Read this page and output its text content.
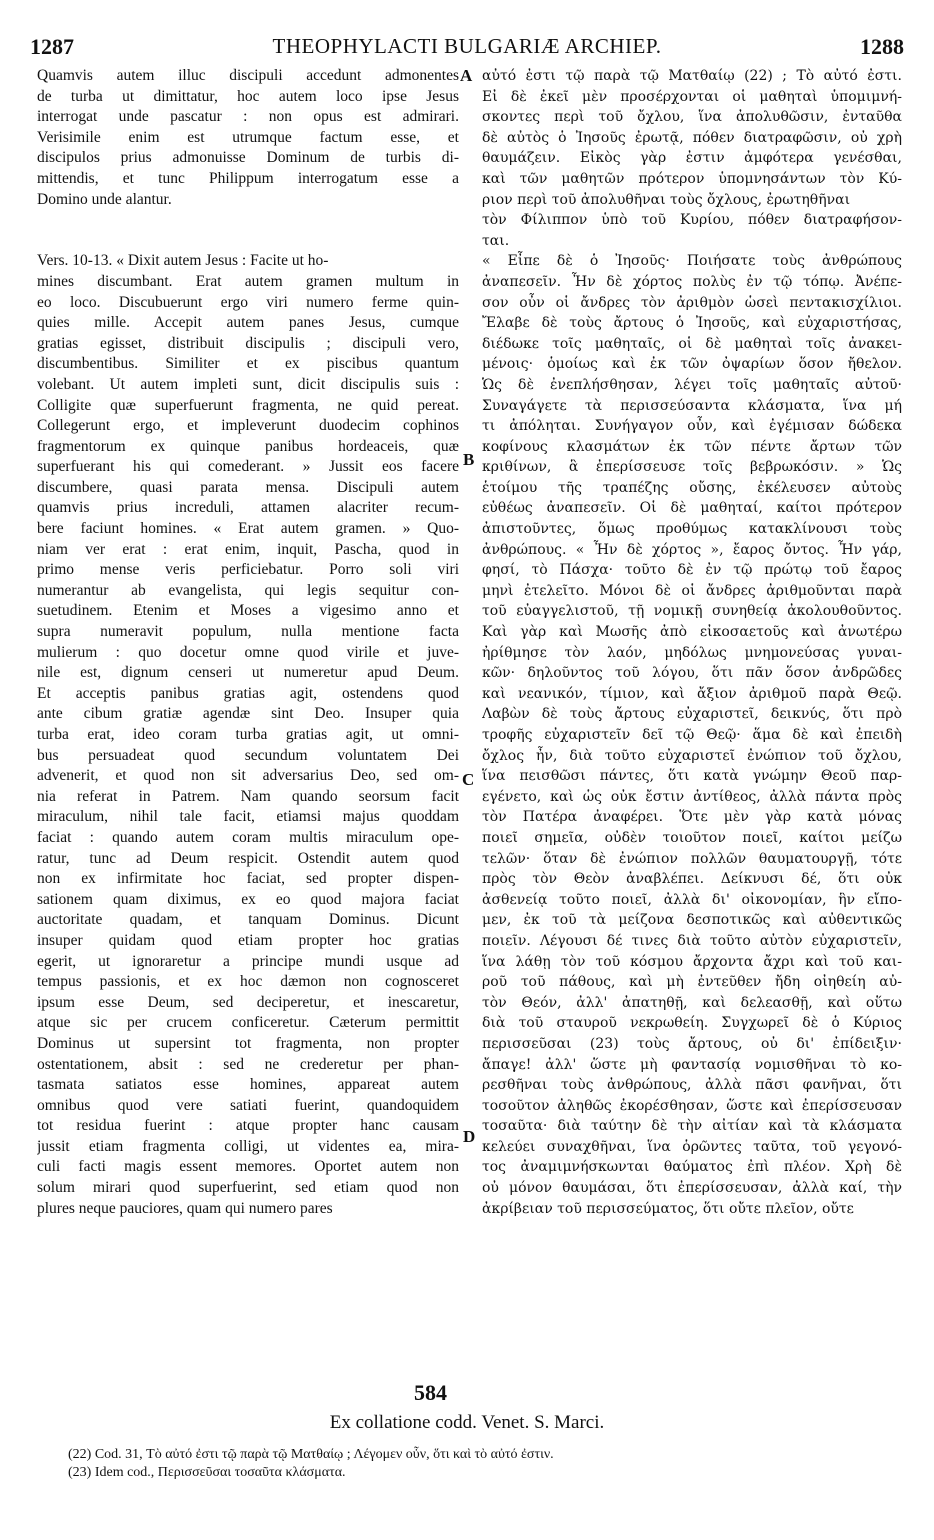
1287	THEOPHYLACTI BULGARIÆ ARCHIEP.	1288
Quamvis autem illuc discipuli accedunt admonentes
de turba ut dimittatur, hoc autem loco ipse Jesus
interrogat unde pascatur : non opus est admirari.
Verisimile enim est utrumque factum esse, et
discipulos prius admonuisse Dominum de turbis di-
mittendis, et tunc Philippum interrogatum esse a
Domino unde alantur.
Vers. 10-13. « Dixit autem Jesus : Facite ut ho-
mines discumbant. Erat autem gramen multum in
eo loco. Discubuerunt ergo viri numero ferme quin-
quies mille. Accepit autem panes Jesus, cumque
gratias egisset, distribuit discipulis ; discipuli vero,
discumbentibus. Similiter et ex piscibus quantum
volebant. Ut autem impleti sunt, dicit discipulis suis :
Colligite quæ superfuerunt fragmenta, ne quid pereat.
Collegerunt ergo, et impleverunt duodecim cophinos
fragmentorum ex quinque panibus hordeaceis, quæ
superfuerant his qui comederant. » Jussit eos facere
discumbere, quasi parata mensa. Discipuli autem
quamvis prius increduli, attamen alacriter recum-
bere faciunt homines. « Erat autem gramen. » Quo-
niam ver erat : erat enim, inquit, Pascha, quod in
primo mense veris perficiebatur. Porro soli viri
numerantur ab evangelista, qui legis sequitur con-
suetudinem. Etenim et Moses a vigesimo anno et
supra numeravit populum, nulla mentione facta
mulierum : quo docetur omne quod virile et juve-
nile est, dignum censeri ut numeretur apud Deum.
Et acceptis panibus gratias agit, ostendens quod
ante cibum gratiæ agendæ sint Deo. Insuper quia
turba erat, ideo coram turba gratias agit, ut omni-
bus persuadeat quod secundum voluntatem Dei
advenerit, et quod non sit adversarius Deo, sed om-
nia referat in Patrem. Nam quando seorsum facit
miraculum, nihil tale facit, etiamsi majus quoddam
faciat : quando autem coram multis miraculum ope-
ratur, tunc ad Deum respicit. Ostendit autem quod
non ex infirmitate hoc faciat, sed propter dispen-
sationem quam diximus, ex eo quod majora faciat
auctoritate quadam, et tanquam Dominus. Dicunt
insuper quidam quod etiam propter hoc gratias
egerit, ut ignoraretur a principe mundi usque ad
tempus passionis, et ex hoc dæmon non cognosceret
ipsum esse Deum, sed deciperetur, et inescaretur,
atque sic per crucem conficeretur. Cæterum permittit
Dominus ut supersint tot fragmenta, non propter
ostentationem, absit : sed ne crederetur per phan-
tasmata satiatos esse homines, appareat autem
omnibus quod vere satiati fuerint, quandoquidem
tot residua fuerint : atque propter hanc causam
jussit etiam fragmenta colligi, ut videntes ea, mira-
culi facti magis essent memores. Oportet autem non
solum mirari quod superfuerint, sed etiam quod non
plures neque pauciores, quam qui numero pares
αὐτό ἐστι τῷ παρὰ τῷ Ματθαίῳ (22) ; Τὸ αὐτό ἐστι.
Εἰ δὲ ἐκεῖ μὲν προσέρχονται οἱ μαθηταὶ ὑπομιμνή-
σκοντες περὶ τοῦ ὄχλου, ἵνα ἀπολυθῶσιν, ἐνταῦθα
δὲ αὐτὸς ὁ Ἰησοῦς ἐρωτᾷ, πόθεν διατραφῶσιν, οὐ χρὴ
θαυμάζειν. Εἰκὸς γὰρ ἐστιν ἀμφότερα γενέσθαι,
καὶ τῶν μαθητῶν πρότερον ὑπομνησάντων τὸν Κύ-
ριον περὶ τοῦ ἀπολυθῆναι τοὺς ὄχλους, ἐρωτηθῆναι
τὸν Φίλιππον ὑπὸ τοῦ Κυρίου, πόθεν διατραφήσον-
ται.
« Εἶπε δὲ ὁ Ἰησοῦς· Ποιήσατε τοὺς ἀνθρώπους
ἀναπεσεῖν. Ἦν δὲ χόρτος πολὺς ἐν τῷ τόπῳ. Ἀνέπε-
σον οὖν οἱ ἄνδρες τὸν ἀριθμὸν ὡσεὶ πεντακισχίλιοι.
Ἔλαβε δὲ τοὺς ἄρτους ὁ Ἰησοῦς, καὶ εὐχαριστήσας,
διέδωκε τοῖς μαθηταῖς, οἱ δὲ μαθηταὶ τοῖς ἀνακει-
μένοις· ὁμοίως καὶ ἐκ τῶν ὀψαρίων ὅσον ἤθελον.
Ὡς δὲ ἐνεπλήσθησαν, λέγει τοῖς μαθηταῖς αὐτοῦ·
Συναγάγετε τὰ περισσεύσαντα κλάσματα, ἵνα μή
τι ἀπόληται. Συνήγαγον οὖν, καὶ ἐγέμισαν δώδεκα
κοφίνους κλασμάτων ἐκ τῶν πέντε ἄρτων τῶν
κριθίνων, ἃ ἐπερίσσευσε τοῖς βεβρωκόσιν. » Ὡς
ἑτοίμου τῆς τραπέζης οὔσης, ἐκέλευσεν αὐτοὺς
εὐθέως ἀναπεσεῖν. Οἱ δὲ μαθηταί, καίτοι πρότερον
ἀπιστοῦντες, ὅμως προθύμως κατακλίνουσι τοὺς
ἀνθρώπους. « Ἦν δὲ χόρτος », ἔαρος ὄντος. Ἦν γάρ,
φησί, τὸ Πάσχα· τοῦτο δὲ ἐν τῷ πρώτῳ τοῦ ἔαρος
μηνὶ ἐτελεῖτο. Μόνοι δὲ οἱ ἄνδρες ἀριθμοῦνται παρὰ
τοῦ εὐαγγελιστοῦ, τῇ νομικῇ συνηθείᾳ ἀκολουθοῦντος.
Καὶ γὰρ καὶ Μωσῆς ἀπὸ εἰκοσαετοῦς καὶ ἀνωτέρω
ἠρίθμησε τὸν λαόν, μηδόλως μνημονεύσας γυναι-
κῶν· δηλοῦντος τοῦ λόγου, ὅτι πᾶν ὅσον ἀνδρῶδες
καὶ νεανικόν, τίμιον, καὶ ἄξιον ἀριθμοῦ παρὰ Θεῷ.
Λαβὼν δὲ τοὺς ἄρτους εὐχαριστεῖ, δεικνύς, ὅτι πρὸ
τροφῆς εὐχαριστεῖν δεῖ τῷ Θεῷ· ἅμα δὲ καὶ ἐπειδὴ
ὄχλος ἦν, διὰ τοῦτο εὐχαριστεῖ ἐνώπιον τοῦ ὄχλου,
ἵνα πεισθῶσι πάντες, ὅτι κατὰ γνώμην Θεοῦ παρ-
εγένετο, καὶ ὡς οὐκ ἔστιν ἀντίθεος, ἀλλὰ πάντα πρὸς
τὸν Πατέρα ἀναφέρει. Ὅτε μὲν γὰρ κατὰ μόνας
ποιεῖ σημεῖα, οὐδὲν τοιοῦτον ποιεῖ, καίτοι μείζω
τελῶν· ὅταν δὲ ἐνώπιον πολλῶν θαυματουργῇ, τότε
πρὸς τὸν Θεὸν ἀναβλέπει. Δείκνυσι δέ, ὅτι οὐκ
ἀσθενείᾳ τοῦτο ποιεῖ, ἀλλὰ δι' οἰκονομίαν, ἣν εἴπο-
μεν, ἐκ τοῦ τὰ μείζονα δεσποτικῶς καὶ αὐθεντικῶς
ποιεῖν. Λέγουσι δέ τινες διὰ τοῦτο αὐτὸν εὐχαριστεῖν,
ἵνα λάθῃ τὸν τοῦ κόσμου ἄρχοντα ἄχρι καὶ τοῦ και-
ροῦ τοῦ πάθους, καὶ μὴ ἐντεῦθεν ἤδη οἰηθείη αὐ-
τὸν Θεόν, ἀλλ' ἀπατηθῇ, καὶ δελεασθῇ, καὶ οὕτω
διὰ τοῦ σταυροῦ νεκρωθείη. Συγχωρεῖ δὲ ὁ Κύριος
περισσεῦσαι (23) τοὺς ἄρτους, οὐ δι' ἐπίδειξιν·
ἄπαγε! ἀλλ' ὥστε μὴ φαντασίᾳ νομισθῆναι τὸ κο-
ρεσθῆναι τοὺς ἀνθρώπους, ἀλλὰ πᾶσι φανῆναι, ὅτι
τοσοῦτον ἀληθῶς ἐκορέσθησαν, ὥστε καὶ ἐπερίσσευσαν
τοσαῦτα· διὰ ταύτην δὲ τὴν αἰτίαν καὶ τὰ κλάσματα
κελεύει συναχθῆναι, ἵνα ὁρῶντες ταῦτα, τοῦ γεγονό-
τος ἀναμιμνήσκωνται θαύματος ἐπὶ πλέον. Χρὴ δὲ
οὐ μόνον θαυμάσαι, ὅτι ἐπερίσσευσαν, ἀλλὰ καί, τὴν
ἀκρίβειαν τοῦ περισσεύματος, ὅτι οὔτε πλεῖον, οὔτε
A
B
C
D
584
Ex collatione codd. Venet. S. Marci.
(22) Cod. 31, Τὸ αὐτό ἐστι τῷ παρὰ τῷ Ματθαίῳ ; Λέγομεν οὖν, ὅτι καὶ τὸ αὐτό ἐστιν.
(23) Idem cod., Περισσεῦσαι τοσαῦτα κλάσματα.
